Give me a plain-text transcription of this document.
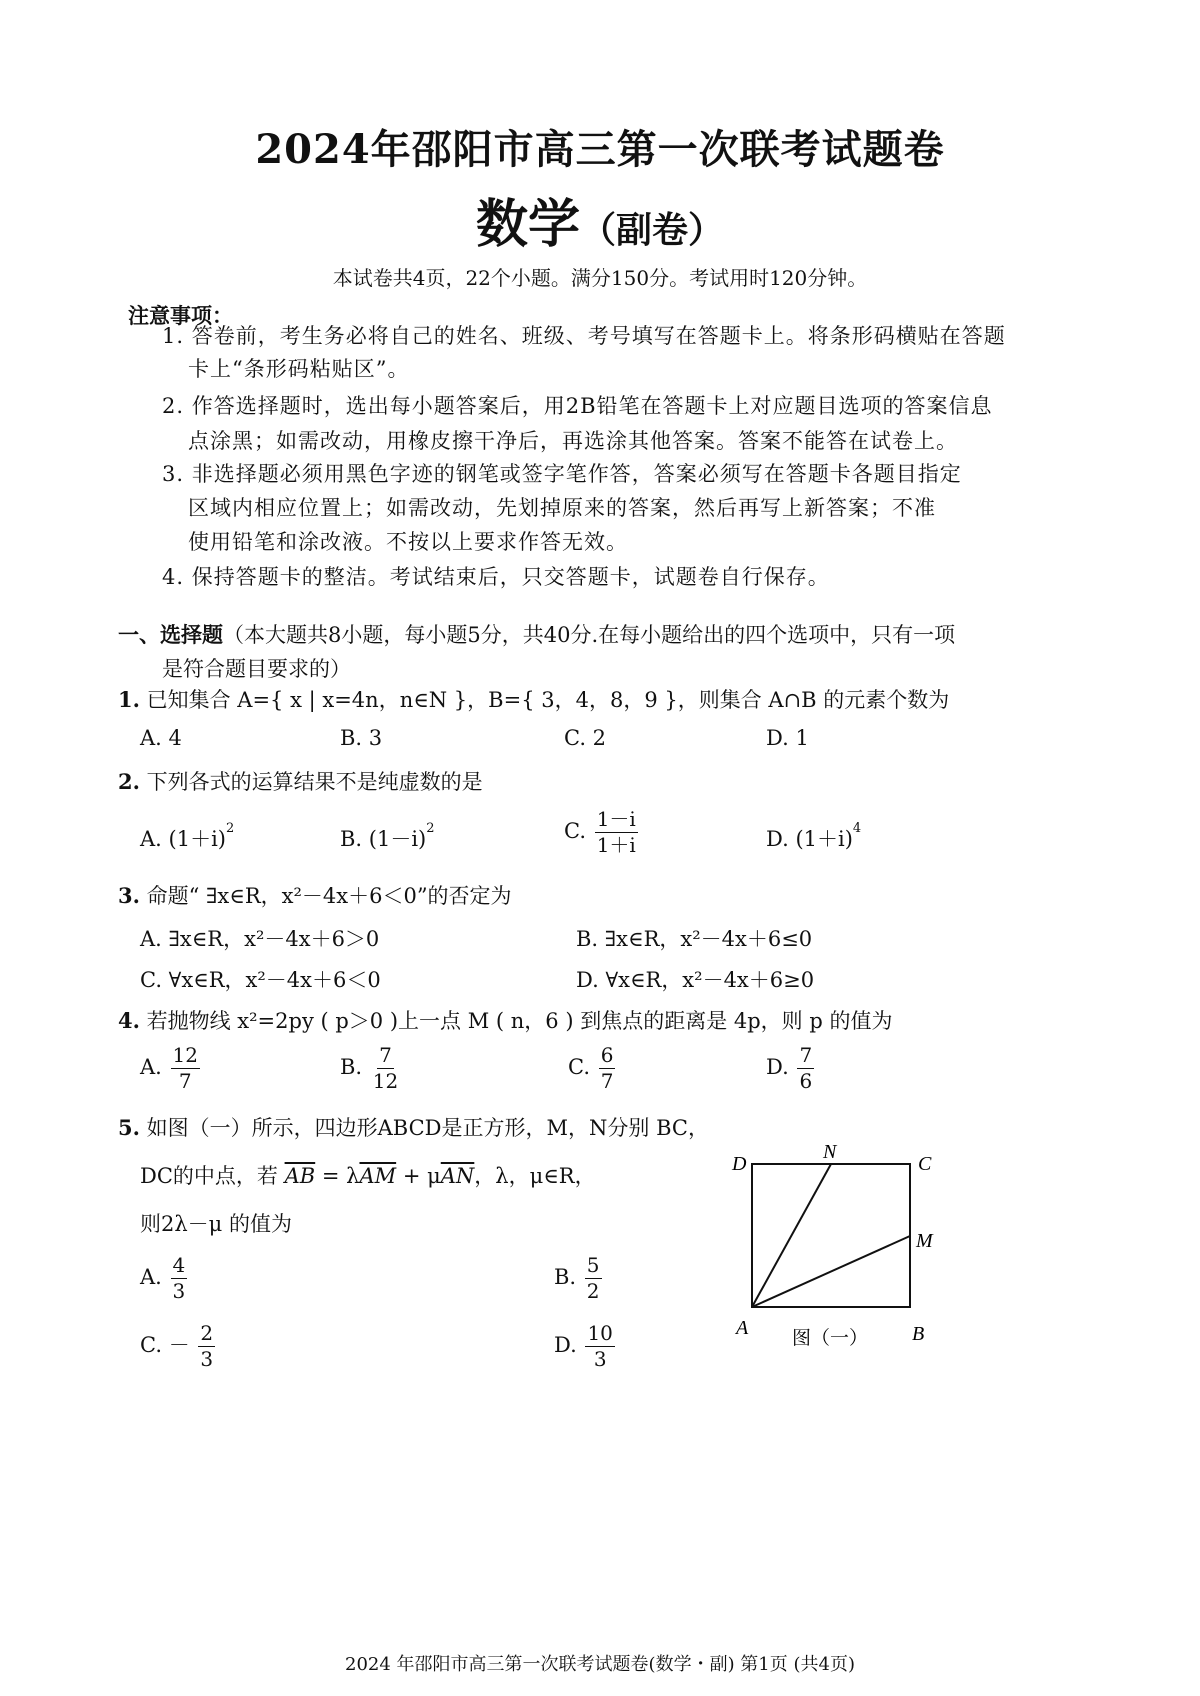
2024年邵阳市高三第一次联考试题卷
数学（副卷）
本试卷共4页，22个小题。满分150分。考试用时120分钟。
注意事项：
1. 答卷前，考生务必将自己的姓名、班级、考号填写在答题卡上。将条形码横贴在答题
卡上“条形码粘贴区”。
2. 作答选择题时，选出每小题答案后，用2B铅笔在答题卡上对应题目选项的答案信息
点涂黑；如需改动，用橡皮擦干净后，再选涂其他答案。答案不能答在试卷上。
3. 非选择题必须用黑色字迹的钢笔或签字笔作答，答案必须写在答题卡各题目指定
区域内相应位置上；如需改动，先划掉原来的答案，然后再写上新答案；不准
使用铅笔和涂改液。不按以上要求作答无效。
4. 保持答题卡的整洁。考试结束后，只交答题卡，试题卷自行保存。
一、选择题（本大题共8小题，每小题5分，共40分.在每小题给出的四个选项中，只有一项
是符合题目要求的）
1. 已知集合 A={ x | x=4n，n∈N }，B={ 3，4，8，9 }，则集合 A∩B 的元素个数为
A. 4	B. 3	C. 2	D. 1
2. 下列各式的运算结果不是纯虚数的是
A. $(1+i)^2$	B. $(1-i)^2$	C. $\frac{1-i}{1+i}$	D. $(1+i)^4$
3. 命题“ ∃x∈R，x²－4x＋6＜0”的否定为
A. ∃x∈R，x²－4x＋6＞0	B. ∃x∈R，x²－4x＋6≤0
C. ∀x∈R，x²－4x＋6＜0	D. ∀x∈R，x²－4x＋6≥0
4. 若抛物线 x²=2py ( p＞0 )上一点 M ( n，6 ) 到焦点的距离是 4p，则 p 的值为
A. $\frac{12}{7}$	B. $\frac{7}{12}$	C. $\frac{6}{7}$	D. $\frac{7}{6}$
5. 如图（一）所示，四边形ABCD是正方形，M，N分别 BC，
DC的中点，若 $\overline{AB} = \lambda\overline{AM} + \mu\overline{AN}$，λ，μ∈R，
则2λ－μ 的值为
A. $\frac{4}{3}$	B. $\frac{5}{2}$
C. － $\frac{2}{3}$	D. $\frac{10}{3}$
D
N
C
M
A	B
图（一）
2024 年邵阳市高三第一次联考试题卷(数学・副) 第1页 (共4页)
